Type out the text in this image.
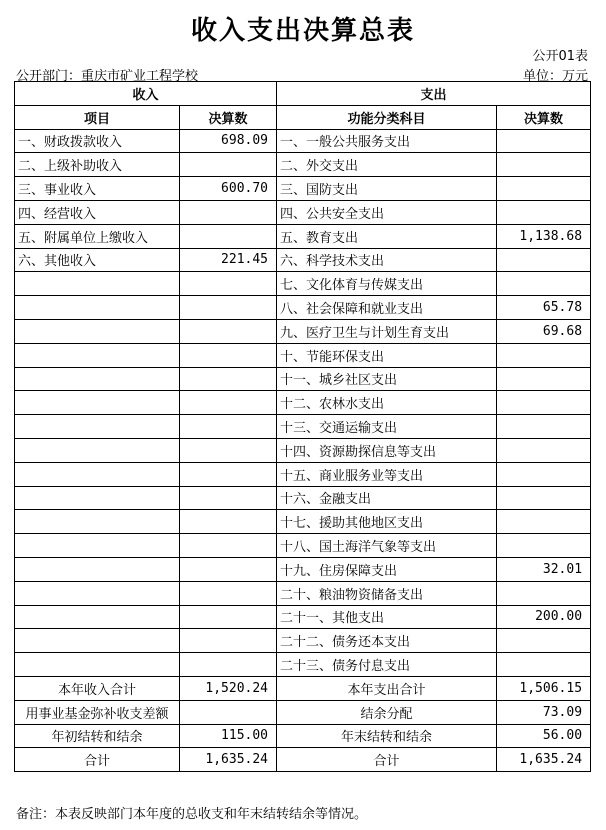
收入支出决算总表
公开01表
公开部门：重庆市矿业工程学校	单位：万元
收入		支出	
项目	决算数	功能分类科目	决算数
一、财政拨款收入	698.09	一、一般公共服务支出	
二、上级补助收入		二、外交支出	
三、事业收入	600.70	三、国防支出	
四、经营收入		四、公共安全支出	
五、附属单位上缴收入		五、教育支出	1,138.68
六、其他收入	221.45	六、科学技术支出	
		七、文化体育与传媒支出	
		八、社会保障和就业支出	65.78
		九、医疗卫生与计划生育支出	69.68
		十、节能环保支出	
		十一、城乡社区支出	
		十二、农林水支出	
		十三、交通运输支出	
		十四、资源勘探信息等支出	
		十五、商业服务业等支出	
		十六、金融支出	
		十七、援助其他地区支出	
		十八、国土海洋气象等支出	
		十九、住房保障支出	32.01
		二十、粮油物资储备支出	
		二十一、其他支出	200.00
		二十二、债务还本支出	
		二十三、债务付息支出	
本年收入合计	1,520.24	本年支出合计	1,506.15
用事业基金弥补收支差额		结余分配	73.09
年初结转和结余	115.00	年末结转和结余	56.00
合计	1,635.24	合计	1,635.24
备注：本表反映部门本年度的总收支和年末结转结余等情况。
